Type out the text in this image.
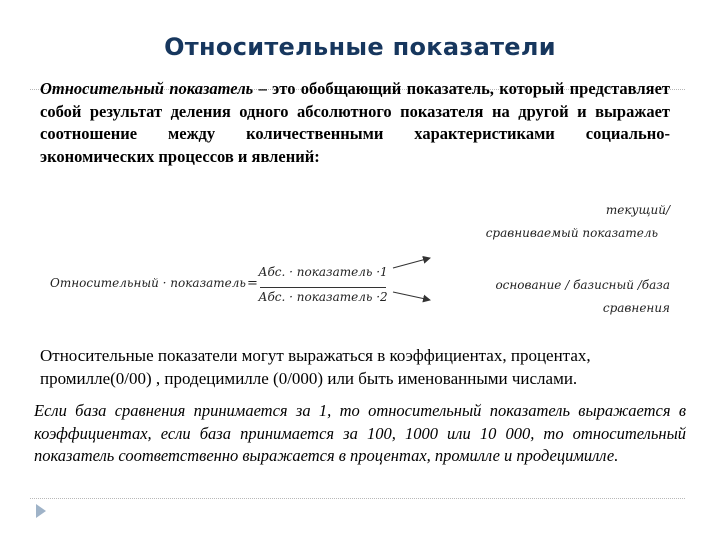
Относительные показатели
Относительный показатель – это обобщающий показатель, который представляет собой результат деления одного абсолютного показателя на другой и выражает соотношение между количественными характеристиками социально-экономических процессов и явлений:
текущий/
сравниваемый показатель
Относительный · показатель =
Абс. · показатель ·1
Абс. · показатель ·2
основание / базисный /база
сравнения
Относительные показатели могут выражаться в коэффициентах, процентах, промилле(0/00) , продецимилле (0/000) или быть именованными числами.
Если база сравнения принимается за 1, то относительный показатель выражается в коэффициентах, если база принимается за 100, 1000 или 10 000, то относительный показатель соответственно выражается в процентах, промилле и продецимилле.
